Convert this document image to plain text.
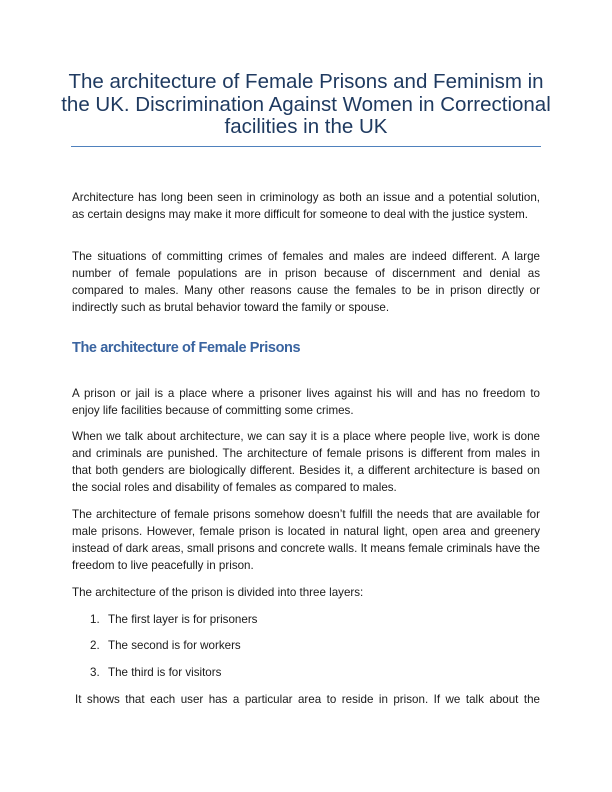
The architecture of Female Prisons and Feminism in the UK. Discrimination Against Women in Correctional facilities in the UK

Architecture has long been seen in criminology as both an issue and a potential solution, as certain designs may make it more difficult for someone to deal with the justice system.

The situations of committing crimes of females and males are indeed different. A large number of female populations are in prison because of discernment and denial as compared to males. Many other reasons cause the females to be in prison directly or indirectly such as brutal behavior toward the family or spouse.

The architecture of Female Prisons

A prison or jail is a place where a prisoner lives against his will and has no freedom to enjoy life facilities because of committing some crimes.

When we talk about architecture, we can say it is a place where people live, work is done and criminals are punished. The architecture of female prisons is different from males in that both genders are biologically different. Besides it, a different architecture is based on the social roles and disability of females as compared to males.

The architecture of female prisons somehow doesn’t fulfill the needs that are available for male prisons. However, female prison is located in natural light, open area and greenery instead of dark areas, small prisons and concrete walls. It means female criminals have the freedom to live peacefully in prison.

The architecture of the prison is divided into three layers:

1. The first layer is for prisoners

2. The second is for workers

3. The third is for visitors

It shows that each user has a particular area to reside in prison. If we talk about the
